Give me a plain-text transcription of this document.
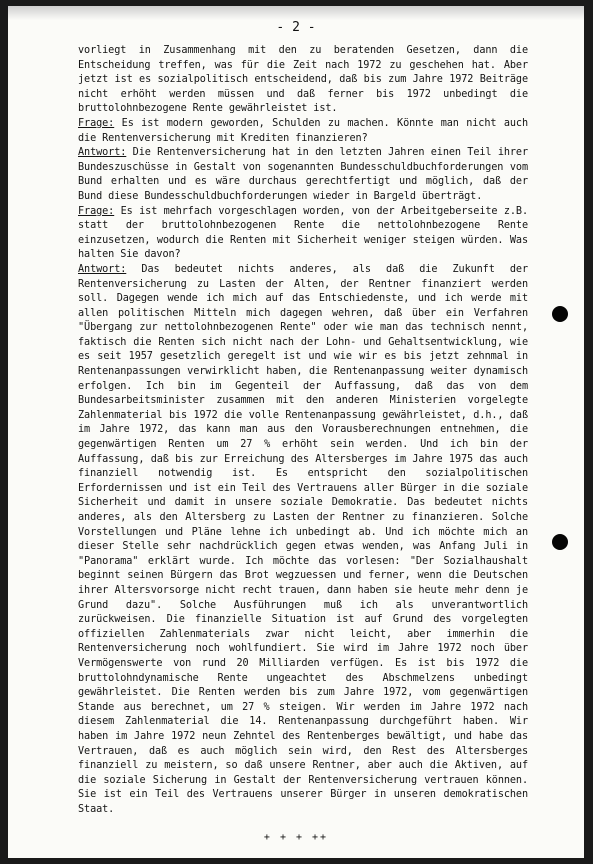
- 2 -

vorliegt in Zusammenhang mit den zu beratenden Gesetzen, dann die Entscheidung treffen, was für die Zeit nach 1972 zu geschehen hat. Aber jetzt ist es sozialpolitisch entscheidend, daß bis zum Jahre 1972 Beiträge nicht erhöht werden müssen und daß ferner bis 1972 unbedingt die bruttolohnbezogene Rente gewährleistet ist.

Frage: Es ist modern geworden, Schulden zu machen. Könnte man nicht auch die Rentenversicherung mit Krediten finanzieren?

Antwort: Die Rentenversicherung hat in den letzten Jahren einen Teil ihrer Bundeszuschüsse in Gestalt von sogenannten Bundesschuldbuchforderungen vom Bund erhalten und es wäre durchaus gerechtfertigt und möglich, daß der Bund diese Bundesschuldbuchforderungen wieder in Bargeld überträgt.

Frage: Es ist mehrfach vorgeschlagen worden, von der Arbeitgeberseite z.B. statt der bruttolohnbezogenen Rente die nettolohnbezogene Rente einzusetzen, wodurch die Renten mit Sicherheit weniger steigen würden. Was halten Sie davon?

Antwort: Das bedeutet nichts anderes, als daß die Zukunft der Rentenversicherung zu Lasten der Alten, der Rentner finanziert werden soll. Dagegen wende ich mich auf das Entschiedenste, und ich werde mit allen politischen Mitteln mich dagegen wehren, daß über ein Verfahren "Übergang zur nettolohnbezogenen Rente" oder wie man das technisch nennt, faktisch die Renten sich nicht nach der Lohn- und Gehaltsentwicklung, wie es seit 1957 gesetzlich geregelt ist und wie wir es bis jetzt zehnmal in Rentenanpassungen verwirklicht haben, die Rentenanpassung weiter dynamisch erfolgen. Ich bin im Gegenteil der Auffassung, daß das von dem Bundesarbeitsminister zusammen mit den anderen Ministerien vorgelegte Zahlenmaterial bis 1972 die volle Rentenanpassung gewährleistet, d.h., daß im Jahre 1972, das kann man aus den Vorausberechnungen entnehmen, die gegenwärtigen Renten um 27 % erhöht sein werden. Und ich bin der Auffassung, daß bis zur Erreichung des Altersberges im Jahre 1975 das auch finanziell notwendig ist. Es entspricht den sozialpolitischen Erfordernissen und ist ein Teil des Vertrauens aller Bürger in die soziale Sicherheit und damit in unsere soziale Demokratie. Das bedeutet nichts anderes, als den Altersberg zu Lasten der Rentner zu finanzieren. Solche Vorstellungen und Pläne lehne ich unbedingt ab. Und ich möchte mich an dieser Stelle sehr nachdrücklich gegen etwas wenden, was Anfang Juli in "Panorama" erklärt wurde. Ich möchte das vorlesen: "Der Sozialhaushalt beginnt seinen Bürgern das Brot wegzuessen und ferner, wenn die Deutschen ihrer Altersvorsorge nicht recht trauen, dann haben sie heute mehr denn je Grund dazu". Solche Ausführungen muß ich als unverantwortlich zurückweisen. Die finanzielle Situation ist auf Grund des vorgelegten offiziellen Zahlenmaterials zwar nicht leicht, aber immerhin die Rentenversicherung noch wohlfundiert. Sie wird im Jahre 1972 noch über Vermögenswerte von rund 20 Milliarden verfügen. Es ist bis 1972 die bruttolohndynamische Rente ungeachtet des Abschmelzens unbedingt gewährleistet. Die Renten werden bis zum Jahre 1972, vom gegenwärtigen Stande aus berechnet, um 27 % steigen. Wir werden im Jahre 1972 nach diesem Zahlenmaterial die 14. Rentenanpassung durchgeführt haben. Wir haben im Jahre 1972 neun Zehntel des Rentenberges bewältigt, und habe das Vertrauen, daß es auch möglich sein wird, den Rest des Altersberges finanziell zu meistern, so daß unsere Rentner, aber auch die Aktiven, auf die soziale Sicherung in Gestalt der Rentenversicherung vertrauen können. Sie ist ein Teil des Vertrauens unserer Bürger in unseren demokratischen Staat.

+ + + ++
